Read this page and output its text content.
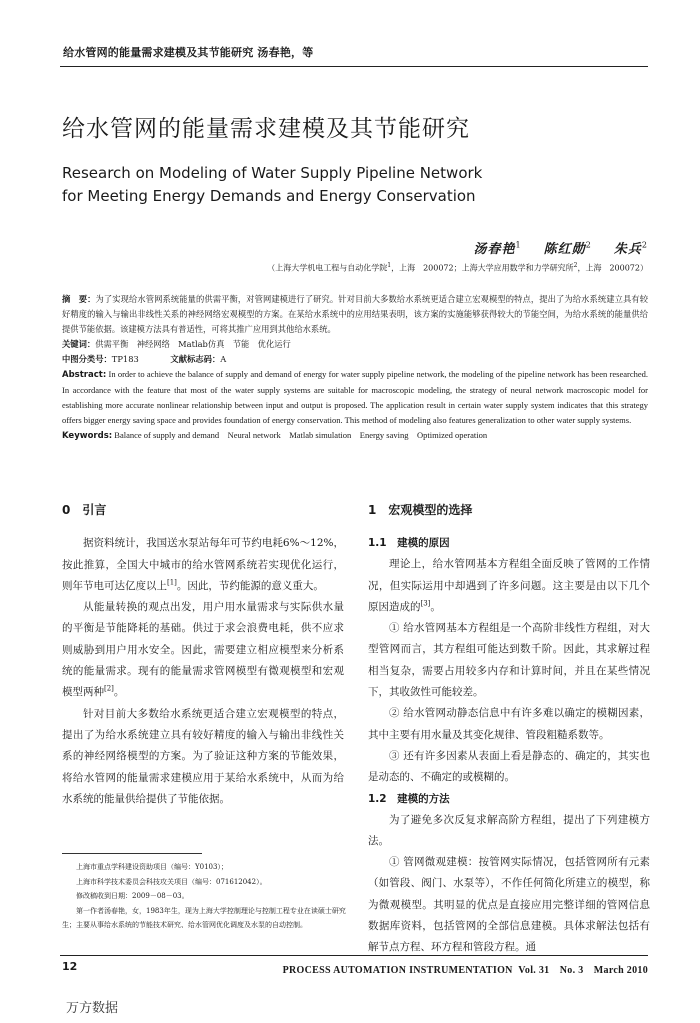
给水管网的能量需求建模及其节能研究 汤春艳，等
给水管网的能量需求建模及其节能研究
Research on Modeling of Water Supply Pipeline Network
for Meeting Energy Demands and Energy Conservation
汤春艳$^1$ 陈红勋$^2$ 朱兵$^2$
（上海大学机电工程与自动化学院$^1$，上海　200072；上海大学应用数学和力学研究所$^2$，上海　200072）

摘　要：为了实现给水管网系统能量的供需平衡，对管网建模进行了研究。针对目前大多数给水系统更适合建立宏观模型的特点，提出了为给水系统建立具有较好精度的输入与输出非线性关系的神经网络宏观模型的方案。在某给水系统中的应用结果表明，该方案的实施能够获得较大的节能空间，为给水系统的能量供给提供节能依据。该建模方法具有普适性，可将其推广应用到其他给水系统。

关键词：供需平衡　神经网络　Matlab仿真　节能　优化运行

中图分类号：TP183	文献标志码：A

Abstract: In order to achieve the balance of supply and demand of energy for water supply pipeline network, the modeling of the pipeline network has been researched. In accordance with the feature that most of the water supply systems are suitable for macroscopic modeling, the strategy of neural network macroscopic model for establishing more accurate nonlinear relationship between input and output is proposed. The application result in certain water supply system indicates that this strategy offers bigger energy saving space and provides foundation of energy conservation. This method of modeling also features generalization to other water supply systems.

Keywords: Balance of supply and demand　Neural network　Matlab simulation　Energy saving　Optimized operation

0　引言

据资料统计，我国送水泵站每年可节约电耗6%～12%，按此推算，全国大中城市的给水管网系统若实现优化运行，则年节电可达亿度以上[1]。因此，节约能源的意义重大。

从能量转换的观点出发，用户用水量需求与实际供水量的平衡是节能降耗的基础。供过于求会浪费电耗，供不应求则威胁到用户用水安全。因此，需要建立相应模型来分析系统的能量需求。现有的能量需求管网模型有微观模型和宏观模型两种[2]。

针对目前大多数给水系统更适合建立宏观模型的特点，提出了为给水系统建立具有较好精度的输入与输出非线性关系的神经网络模型的方案。为了验证这种方案的节能效果，将给水管网的能量需求建模应用于某给水系统中，从而为给水系统的能量供给提供了节能依据。

1　宏观模型的选择
1.1　建模的原因

理论上，给水管网基本方程组全面反映了管网的工作情况，但实际运用中却遇到了许多问题。这主要是由以下几个原因造成的[3]。

① 给水管网基本方程组是一个高阶非线性方程组，对大型管网而言，其方程组可能达到数千阶。因此，其求解过程相当复杂，需要占用较多内存和计算时间，并且在某些情况下，其收敛性可能较差。

② 给水管网动静态信息中有许多难以确定的模糊因素，其中主要有用水量及其变化规律、管段粗糙系数等。

③ 还有许多因素从表面上看是静态的、确定的，其实也是动态的、不确定的或模糊的。

1.2　建模的方法

为了避免多次反复求解高阶方程组，提出了下列建模方法。

① 管网微观建模：按管网实际情况，包括管网所有元素（如管段、阀门、水泵等），不作任何简化所建立的模型，称为微观模型。其明显的优点是直接应用完整详细的管网信息数据库资料，包括管网的全部信息建模。具体求解法包括有解节点方程、环方程和管段方程。通

上海市重点学科建设资助项目（编号：Y0103）；

上海市科学技术委员会科技攻关项目（编号：071612042）。

修改稿收到日期：2009－08－03。

第一作者汤春艳，女，1983年生，现为上海大学控制理论与控制工程专业在读硕士研究生；主要从事给水系统的节能技术研究、给水管网优化调度及水泵的自动控制。

12	PROCESS AUTOMATION INSTRUMENTATION Vol. 31　No. 3　March 2010
万方数据
